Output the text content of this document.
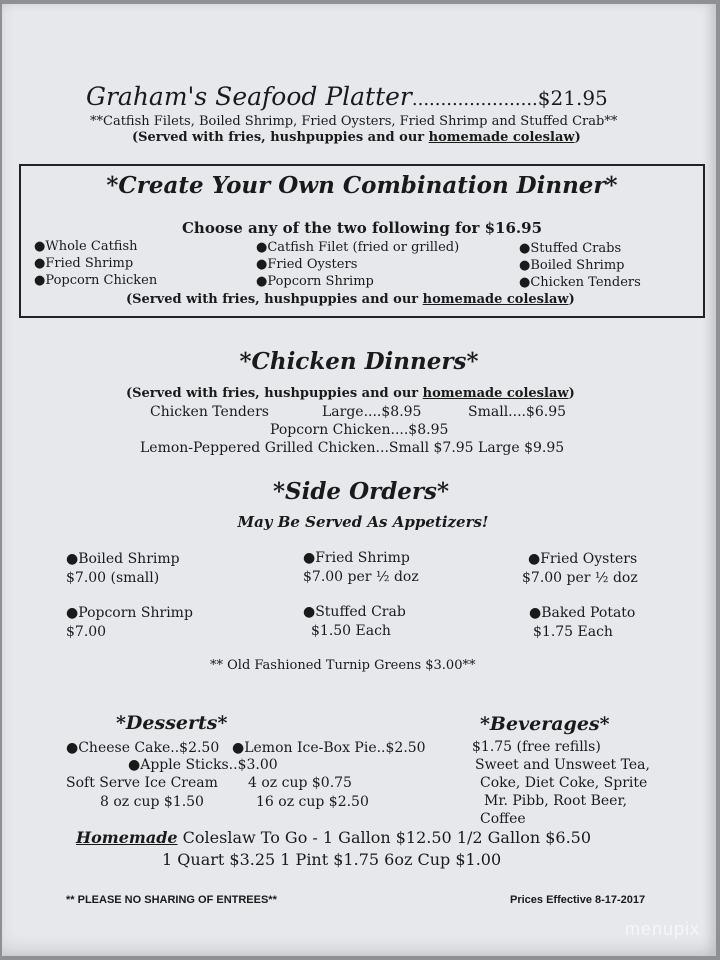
Graham's Seafood Platter......................$21.95
**Catfish Filets, Boiled Shrimp, Fried Oysters, Fried Shrimp and Stuffed Crab**
(Served with fries, hushpuppies and our homemade coleslaw)
*Create Your Own Combination Dinner*
Choose any of the two following for $16.95
●Whole Catfish
●Fried Shrimp
●Popcorn Chicken
●Catfish Filet (fried or grilled)
●Fried Oysters
●Popcorn Shrimp
●Stuffed Crabs
●Boiled Shrimp
●Chicken Tenders
(Served with fries, hushpuppies and our homemade coleslaw)
*Chicken Dinners*
(Served with fries, hushpuppies and our homemade coleslaw)
Chicken Tenders	Large....$8.95	Small....$6.95
Popcorn Chicken....$8.95
Lemon-Peppered Grilled Chicken...Small $7.95 Large $9.95
*Side Orders*
May Be Served As Appetizers!
●Boiled Shrimp
$7.00 (small)
●Fried Shrimp
$7.00 per ½ doz
●Fried Oysters
$7.00 per ½ doz
●Popcorn Shrimp
$7.00
●Stuffed Crab
$1.50 Each
●Baked Potato
$1.75 Each
** Old Fashioned Turnip Greens $3.00**
*Desserts*
●Cheese Cake..$2.50 ●Lemon Ice-Box Pie..$2.50
●Apple Sticks..$3.00
Soft Serve Ice Cream 4 oz cup $0.75
8 oz cup $1.50	16 oz cup $2.50
*Beverages*
$1.75 (free refills)
Sweet and Unsweet Tea,
Coke, Diet Coke, Sprite
Mr. Pibb, Root Beer,
Coffee
Homemade Coleslaw To Go - 1 Gallon $12.50 1/2 Gallon $6.50
1 Quart $3.25 1 Pint $1.75 6oz Cup $1.00
** PLEASE NO SHARING OF ENTREES**	Prices Effective 8-17-2017
menupix
